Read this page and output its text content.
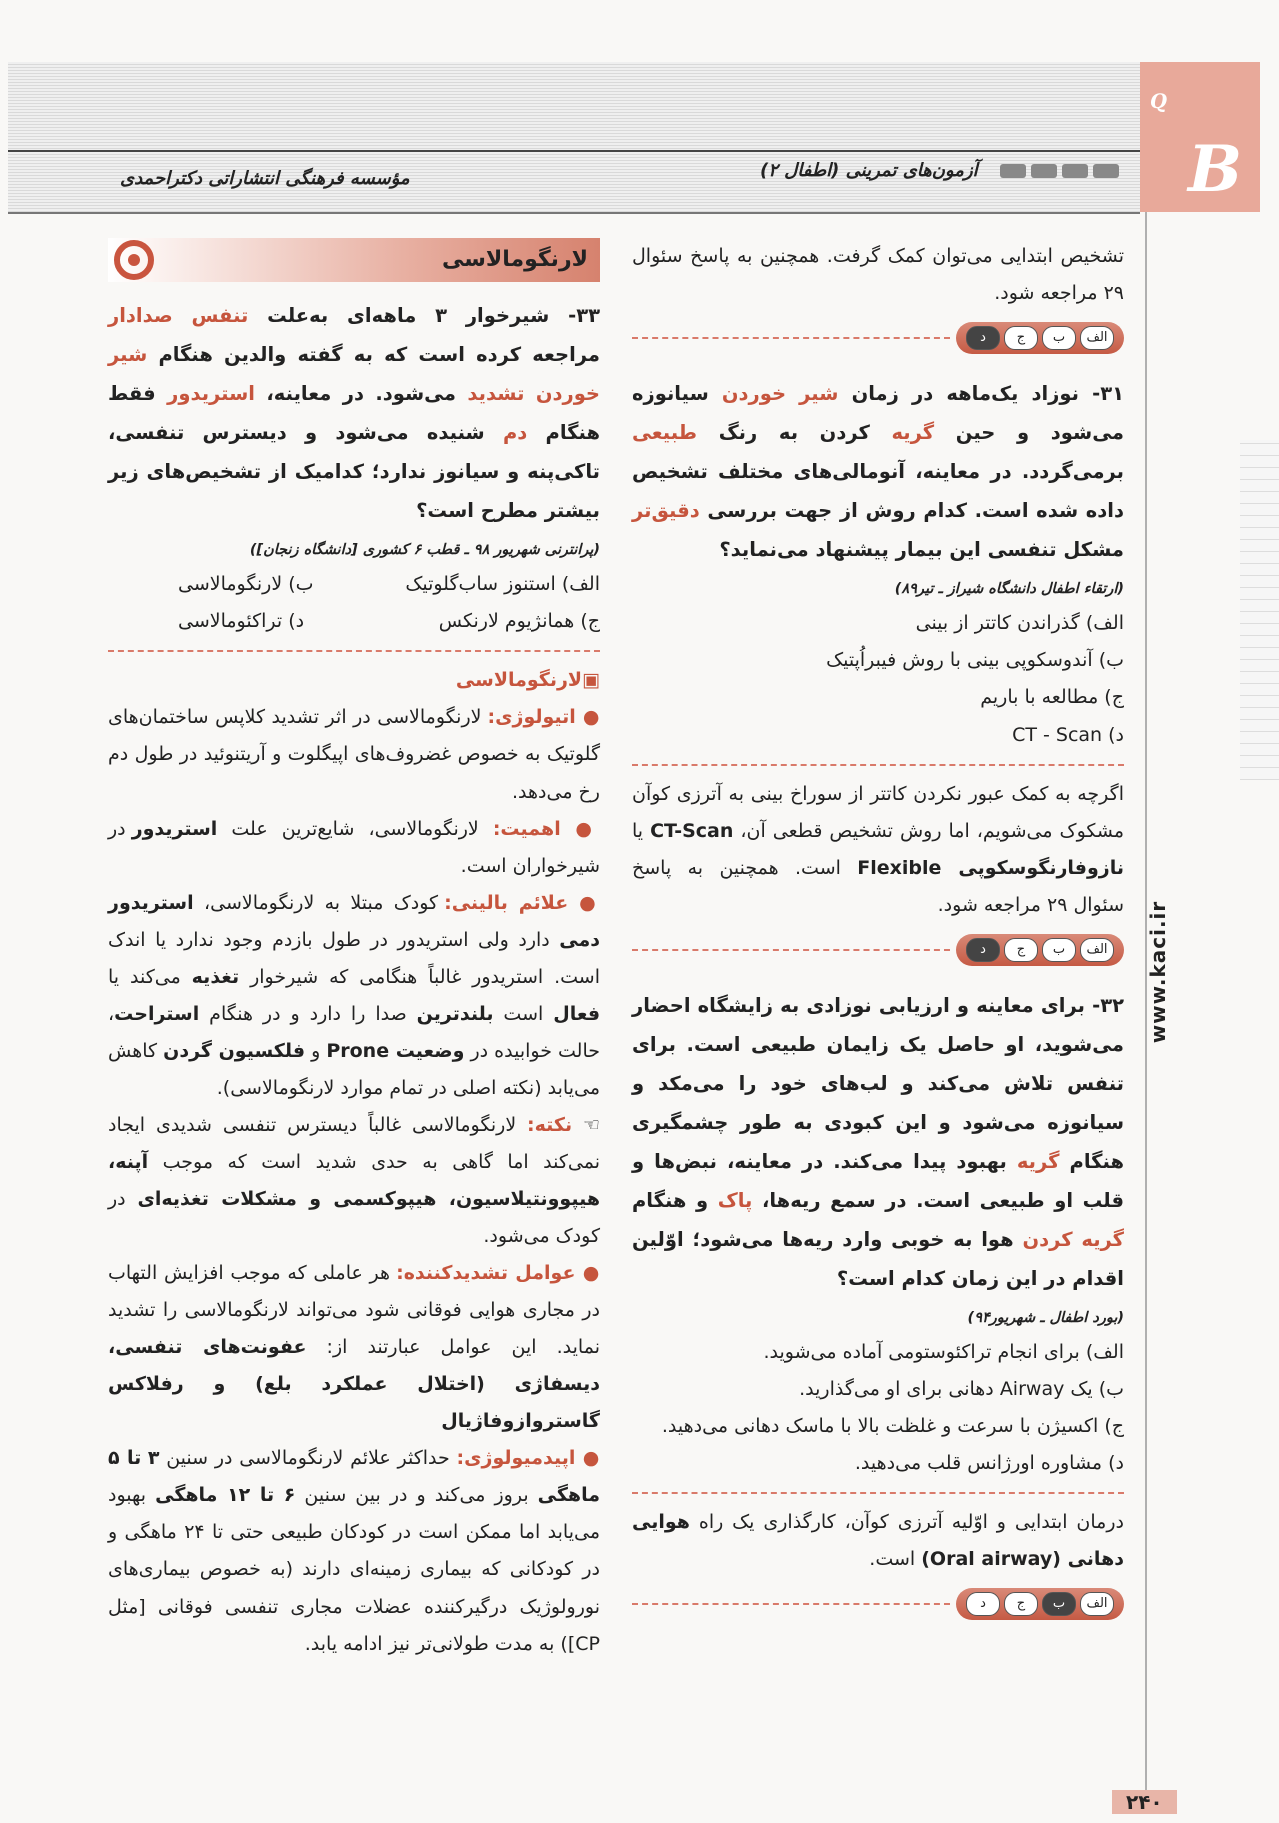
مؤسسه فرهنگی انتشاراتی دکتراحمدی	آزمون‌های تمرینی (اطفال ۲)
Q
B
www.kaci.ir
۲۴۰

تشخیص ابتدایی می‌توان کمک گرفت. همچنین به پاسخ سئوال ۲۹ مراجعه شود.

الف
ب
ج
د

۳۱- نوزاد یک‌ماهه در زمان شیر خوردن سیانوزه می‌شود و حین گریه کردن به رنگ طبیعی برمی‌گردد. در معاینه، آنومالی‌های مختلف تشخیص داده شده است. کدام روش از جهت بررسی دقیق‌تر مشکل تنفسی این بیمار پیشنهاد می‌نماید؟

(ارتقاء اطفال دانشگاه شیراز ـ تیر۸۹)

الف) گذراندن کاتتر از بینی

ب) آندوسکوپی بینی با روش فیبراُپتیک

ج) مطالعه با باریم

د) CT - Scan

اگرچه به کمک عبور نکردن کاتتر از سوراخ بینی به آترزی کوآن مشکوک می‌شویم، اما روش تشخیص قطعی آن، CT-Scan یا نازوفارنگوسکوپی Flexible است. همچنین به پاسخ سئوال ۲۹ مراجعه شود.

الف
ب
ج
د

۳۲- برای معاینه و ارزیابی نوزادی به زایشگاه احضار می‌شوید، او حاصل یک زایمان طبیعی است. برای تنفس تلاش می‌کند و لب‌های خود را می‌مکد و سیانوزه می‌شود و این کبودی به طور چشمگیری هنگام گریه بهبود پیدا می‌کند. در معاینه، نبض‌ها و قلب او طبیعی است. در سمع ریه‌ها، پاک و هنگام گریه کردن هوا به خوبی وارد ریه‌ها می‌شود؛ اوّلین اقدام در این زمان کدام است؟

(بورد اطفال ـ شهریور۹۴)

الف) برای انجام تراکئوستومی آماده می‌شوید.

ب) یک Airway دهانی برای او می‌گذارید.

ج) اکسیژن با سرعت و غلظت بالا با ماسک دهانی می‌دهید.

د) مشاوره اورژانس قلب می‌دهید.

درمان ابتدایی و اوّلیه آترزی کوآن، کارگذاری یک راه هوایی دهانی (Oral airway) است.

الف
ب
ج
د
لارنگومالاسی

۳۳- شیرخوار ۳ ماهه‌ای به‌علت تنفس صدادار مراجعه کرده است که به گفته والدین هنگام شیر خوردن تشدید می‌شود. در معاینه، استریدور فقط هنگام دم شنیده می‌شود و دیسترس تنفسی، تاکی‌پنه و سیانوز ندارد؛ کدامیک از تشخیص‌های زیر بیشتر مطرح است؟

(پرانترنی شهریور ۹۸ ـ قطب ۶ کشوری [دانشگاه زنجان])

الف) استنوز ساب‌گلوتیک
ب) لارنگومالاسی
ج) همانژیوم لارنکس
د) تراکئومالاسی

▣لارنگومالاسی

● اتیولوژی: لارنگومالاسی در اثر تشدید کلاپس ساختمان‌های گلوتیک به خصوص غضروف‌های اپیگلوت و آریتنوئید در طول دم رخ می‌دهد.

● اهمیت: لارنگومالاسی، شایع‌ترین علت استریدور در شیرخواران است.

● علائم بالینی: کودک مبتلا به لارنگومالاسی، استریدور دمی دارد ولی استریدور در طول بازدم وجود ندارد یا اندک است. استریدور غالباً هنگامی که شیرخوار تغذیه می‌کند یا فعال است بلندترین صدا را دارد و در هنگام استراحت، حالت خوابیده در وضعیت Prone و فلکسیون گردن کاهش می‌یابد (نکته اصلی در تمام موارد لارنگومالاسی).

☜ نکته: لارنگومالاسی غالباً دیسترس تنفسی شدیدی ایجاد نمی‌کند اما گاهی به حدی شدید است که موجب آپنه، هیپوونتیلاسیون، هیپوکسمی و مشکلات تغذیه‌ای در کودک می‌شود.

● عوامل تشدیدکننده: هر عاملی که موجب افزایش التهاب در مجاری هوایی فوقانی شود می‌تواند لارنگومالاسی را تشدید نماید. این عوامل عبارتند از: عفونت‌های تنفسی، دیسفاژی (اختلال عملکرد بلع) و رفلاکس گاستروازوفاژیال

● اپیدمیولوژی: حداکثر علائم لارنگومالاسی در سنین ۳ تا ۵ ماهگی بروز می‌کند و در بین سنین ۶ تا ۱۲ ماهگی بهبود می‌یابد اما ممکن است در کودکان طبیعی حتی تا ۲۴ ماهگی و در کودکانی که بیماری زمینه‌ای دارند (به خصوص بیماری‌های نورولوژیک درگیرکننده عضلات مجاری تنفسی فوقانی [مثل CP]) به مدت طولانی‌تر نیز ادامه یابد.
